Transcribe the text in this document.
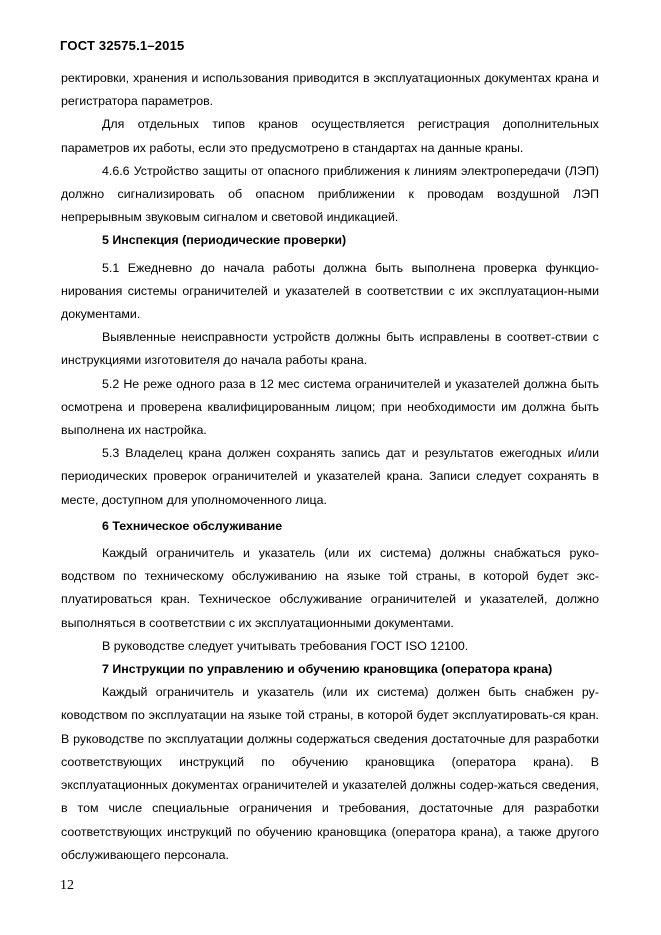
ГОСТ 32575.1–2015

ректировки, хранения и использования приводится в эксплуатационных документах крана и регистратора параметров.

Для отдельных типов кранов осуществляется регистрация дополнительных параметров их работы, если это предусмотрено в стандартах на данные краны.

4.6.6 Устройство защиты от опасного приближения к линиям электропередачи (ЛЭП) должно сигнализировать об опасном приближении к проводам воздушной ЛЭП непрерывным звуковым сигналом и световой индикацией.

5 Инспекция (периодические проверки)

5.1 Ежедневно до начала работы должна быть выполнена проверка функцио-нирования системы ограничителей и указателей в соответствии с их эксплуатацион-ными документами.

Выявленные неисправности устройств должны быть исправлены в соответ-ствии с инструкциями изготовителя до начала работы крана.

5.2 Не реже одного раза в 12 мес система ограничителей и указателей должна быть осмотрена и проверена квалифицированным лицом; при необходимости им должна быть выполнена их настройка.

5.3 Владелец крана должен сохранять запись дат и результатов ежегодных и/или периодических проверок ограничителей и указателей крана. Записи следует сохранять в месте, доступном для уполномоченного лица.

6 Техническое обслуживание

Каждый ограничитель и указатель (или их система) должны снабжаться руко-водством по техническому обслуживанию на языке той страны, в которой будет экс-плуатироваться кран. Техническое обслуживание ограничителей и указателей, должно выполняться в соответствии с их эксплуатационными документами.

В руководстве следует учитывать требования ГОСТ ISO 12100.

7 Инструкции по управлению и обучению крановщика (оператора крана)

Каждый ограничитель и указатель (или их система) должен быть снабжен ру-ководством по эксплуатации на языке той страны, в которой будет эксплуатировать-ся кран. В руководстве по эксплуатации должны содержаться сведения достаточные для разработки соответствующих инструкций по обучению крановщика (оператора крана). В эксплуатационных документах ограничителей и указателей должны содер-жаться сведения, в том числе специальные ограничения и требования, достаточные для разработки соответствующих инструкций по обучению крановщика (оператора крана), а также другого обслуживающего персонала.

12
